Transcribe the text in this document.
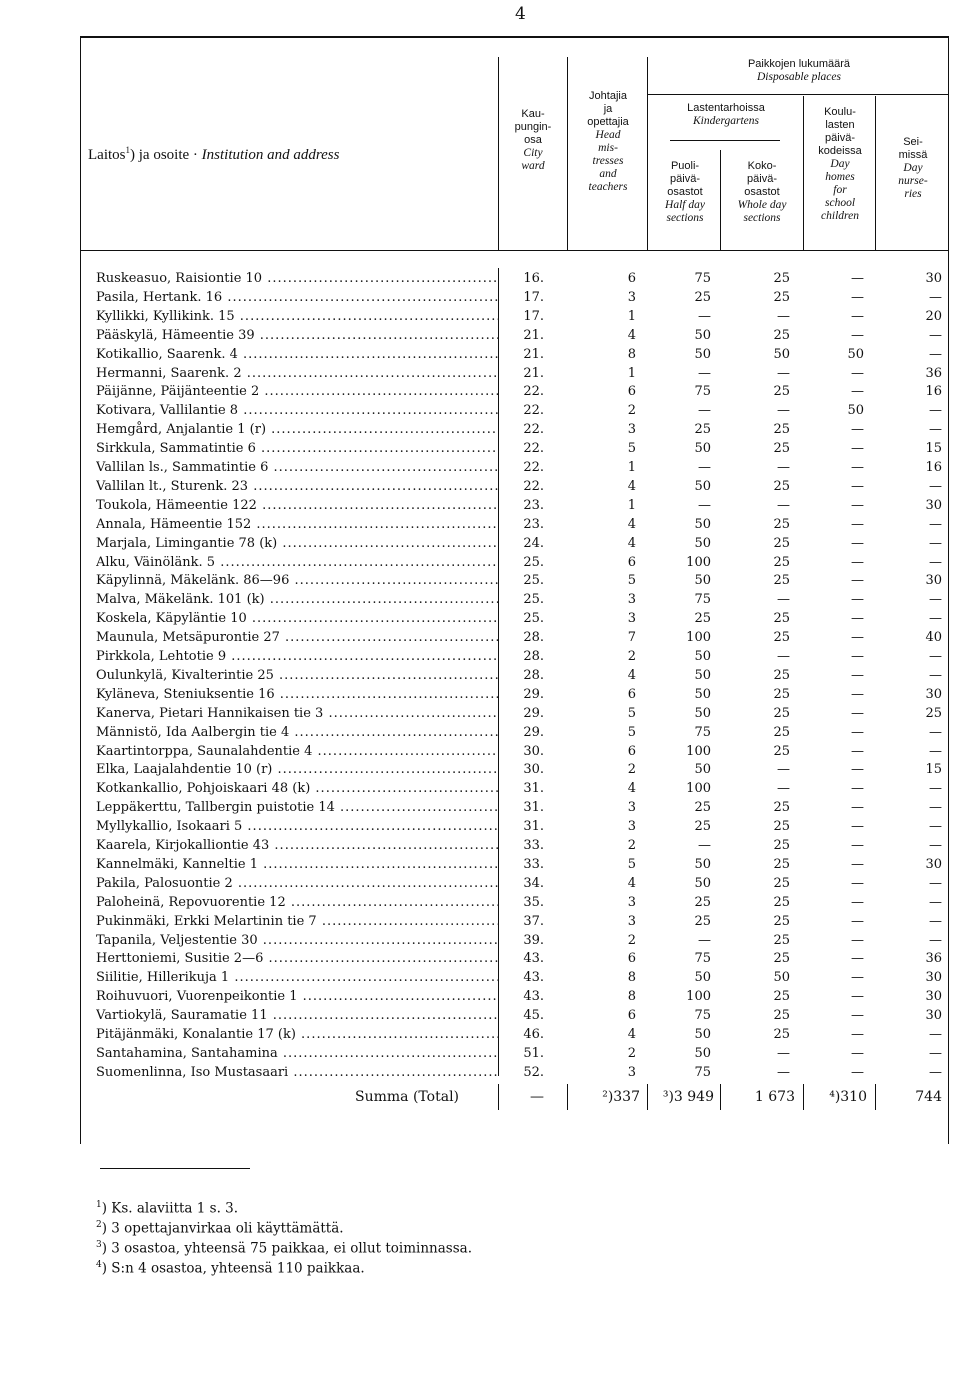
4
Laitos$^1$) ja osoite · Institution and address
Kau-
pungin-
osa
City
ward
Johtajia
ja
opettajia
Head
mis-
tresses
and
teachers
Paikkojen lukumäärä
Disposable places
Lastentarhoissa
Kindergartens
Puoli-
päivä-
osastot
Half day
sections
Koko-
päivä-
osastot
Whole day
sections
Koulu-
lasten
päivä-
kodeissa
Day
homes
for
school
children
Sei-
missä
Day
nurse-
ries
Ruskeasuo, Raisiontie 10 .....	16.	6	75	25	—	30
Pasila, Hertank. 16 .....	17.	3	25	25	—	—
Kyllikki, Kyllikink. 15 .....	17.	1	—	—	—	20
Pääskylä, Hämeentie 39 .....	21.	4	50	25	—	—
Kotikallio, Saarenk. 4 .....	21.	8	50	50	50	—
Hermanni, Saarenk. 2 .....	21.	1	—	—	—	36
Päijänne, Päijänteentie 2 .....	22.	6	75	25	—	16
Kotivara, Vallilantie 8 .....	22.	2	—	—	50	—
Hemgård, Anjalantie 1 (r) .....	22.	3	25	25	—	—
Sirkkula, Sammatintie 6 .....	22.	5	50	25	—	15
Vallilan ls., Sammatintie 6 .....	22.	1	—	—	—	16
Vallilan lt., Sturenk. 23 .....	22.	4	50	25	—	—
Toukola, Hämeentie 122 .....	23.	1	—	—	—	30
Annala, Hämeentie 152 .....	23.	4	50	25	—	—
Marjala, Limingantie 78 (k) .....	24.	4	50	25	—	—
Alku, Väinölänk. 5 .....	25.	6	100	25	—	—
Käpylinnä, Mäkelänk. 86—96 .....	25.	5	50	25	—	30
Malva, Mäkelänk. 101 (k) .....	25.	3	75	—	—	—
Koskela, Käpyläntie 10 .....	25.	3	25	25	—	—
Maunula, Metsäpurontie 27 .....	28.	7	100	25	—	40
Pirkkola, Lehtotie 9 .....	28.	2	50	—	—	—
Oulunkylä, Kivalterintie 25 .....	28.	4	50	25	—	—
Kyläneva, Steniuksentie 16 .....	29.	6	50	25	—	30
Kanerva, Pietari Hannikaisen tie 3 .....	29.	5	50	25	—	25
Männistö, Ida Aalbergin tie 4 .....	29.	5	75	25	—	—
Kaartintorppa, Saunalahdentie 4 .....	30.	6	100	25	—	—
Elka, Laajalahdentie 10 (r) .....	30.	2	50	—	—	15
Kotkankallio, Pohjoiskaari 48 (k) .....	31.	4	100	—	—	—
Leppäkerttu, Tallbergin puistotie 14 .....	31.	3	25	25	—	—
Myllykallio, Isokaari 5 .....	31.	3	25	25	—	—
Kaarela, Kirjokalliontie 43 .....	33.	2	—	25	—	—
Kannelmäki, Kanneltie 1 .....	33.	5	50	25	—	30
Pakila, Palosuontie 2 .....	34.	4	50	25	—	—
Paloheinä, Repovuorentie 12 .....	35.	3	25	25	—	—
Pukinmäki, Erkki Melartinin tie 7 .....	37.	3	25	25	—	—
Tapanila, Veljestentie 30 .....	39.	2	—	25	—	—
Herttoniemi, Susitie 2—6 .....	43.	6	75	25	—	36
Siilitie, Hillerikuja 1 .....	43.	8	50	50	—	30
Roihuvuori, Vuorenpeikontie 1 .....	43.	8	100	25	—	30
Vartiokylä, Sauramatie 11 .....	45.	6	75	25	—	30
Pitäjänmäki, Konalantie 17 (k) .....	46.	4	50	25	—	—
Santahamina, Santahamina .....	51.	2	50	—	—	—
Suomenlinna, Iso Mustasaari .....	52.	3	75	—	—	—
Summa (Total)	—	²)337	³)3 949	1 673	⁴)310	744
$^1$) Ks. alaviitta 1 s. 3.
$^2$) 3 opettajanvirkaa oli käyttämättä.
$^3$) 3 osastoa, yhteensä 75 paikkaa, ei ollut toiminnassa.
$^4$) S:n 4 osastoa, yhteensä 110 paikkaa.
